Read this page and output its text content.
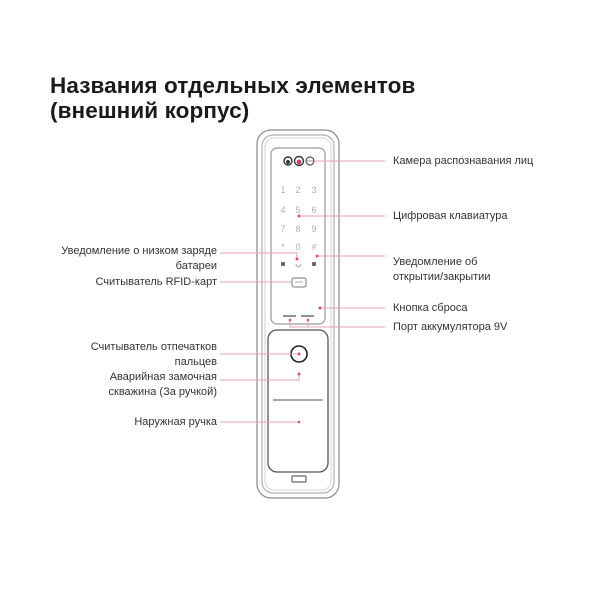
Названия отдельных элементов
(внешний корпус)
1 2 3
4 5 6
7 8 9
* 0 #
Уведомление о низком заряде
батареи
Считыватель RFID-карт
Считыватель отпечатков
пальцев
Аварийная замочная
скважина (За ручкой)
Наружная ручка
Камера распознавания лиц
Цифровая клавиатура
Уведомление об
открытии/закрытии
Кнопка сброса
Порт аккумулятора 9V
